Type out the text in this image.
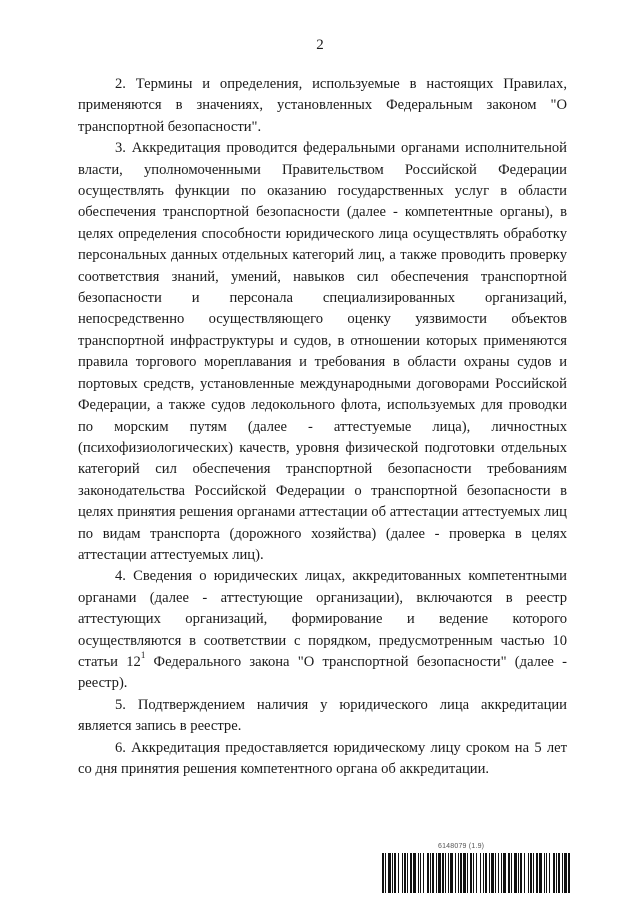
2

2. Термины и определения, используемые в настоящих Правилах, применяются в значениях, установленных Федеральным законом "О транспортной безопасности".

3. Аккредитация проводится федеральными органами исполнительной власти, уполномоченными Правительством Российской Федерации осуществлять функции по оказанию государственных услуг в области обеспечения транспортной безопасности (далее - компетентные органы), в целях определения способности юридического лица осуществлять обработку персональных данных отдельных категорий лиц, а также проводить проверку соответствия знаний, умений, навыков сил обеспечения транспортной безопасности и персонала специализированных организаций, непосредственно осуществляющего оценку уязвимости объектов транспортной инфраструктуры и судов, в отношении которых применяются правила торгового мореплавания и требования в области охраны судов и портовых средств, установленные международными договорами Российской Федерации, а также судов ледокольного флота, используемых для проводки по морским путям (далее - аттестуемые лица), личностных (психофизиологических) качеств, уровня физической подготовки отдельных категорий сил обеспечения транспортной безопасности требованиям законодательства Российской Федерации о транспортной безопасности в целях принятия решения органами аттестации об аттестации аттестуемых лиц по видам транспорта (дорожного хозяйства) (далее - проверка в целях аттестации аттестуемых лиц).

4. Сведения о юридических лицах, аккредитованных компетентными органами (далее - аттестующие организации), включаются в реестр аттестующих организаций, формирование и ведение которого осуществляются в соответствии с порядком, предусмотренным частью 10 статьи $12^1$ Федерального закона "О транспортной безопасности" (далее - реестр).

5. Подтверждением наличия у юридического лица аккредитации является запись в реестре.

6. Аккредитация предоставляется юридическому лицу сроком на 5 лет со дня принятия решения компетентного органа об аккредитации.

6148079 (1.9)
